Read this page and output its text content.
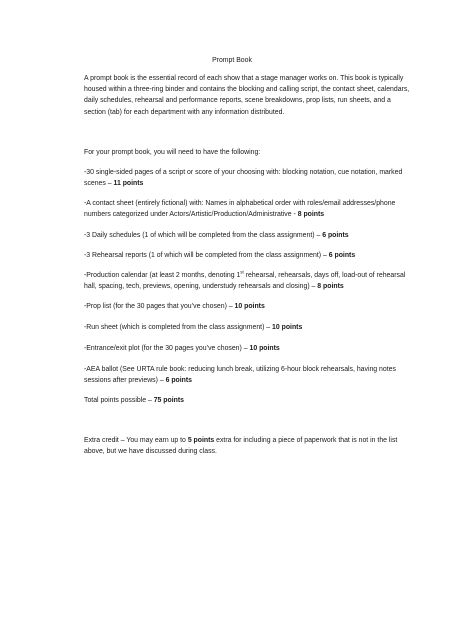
Prompt Book

A prompt book is the essential record of each show that a stage manager works on. This book is typically housed within a three-ring binder and contains the blocking and calling script, the contact sheet, calendars, daily schedules, rehearsal and performance reports, scene breakdowns, prop lists, run sheets, and a section (tab) for each department with any information distributed.

For your prompt book, you will need to have the following:

-30 single-sided pages of a script or score of your choosing with: blocking notation, cue notation, marked scenes – 11 points

-A contact sheet (entirely fictional) with: Names in alphabetical order with roles/email addresses/phone numbers categorized under Actors/Artistic/Production/Administrative - 8 points

-3 Daily schedules (1 of which will be completed from the class assignment) – 6 points

-3 Rehearsal reports (1 of which will be completed from the class assignment) – 6 points

-Production calendar (at least 2 months, denoting 1st rehearsal, rehearsals, days off, load-out of rehearsal hall, spacing, tech, previews, opening, understudy rehearsals and closing) – 8 points

-Prop list (for the 30 pages that you’ve chosen) – 10 points

-Run sheet (which is completed from the class assignment) – 10 points

-Entrance/exit plot (for the 30 pages you’ve chosen) – 10 points

-AEA ballot (See URTA rule book: reducing lunch break, utilizing 6-hour block rehearsals, having notes sessions after previews) – 6 points

Total points possible – 75 points

Extra credit – You may earn up to 5 points extra for including a piece of paperwork that is not in the list above, but we have discussed during class.
